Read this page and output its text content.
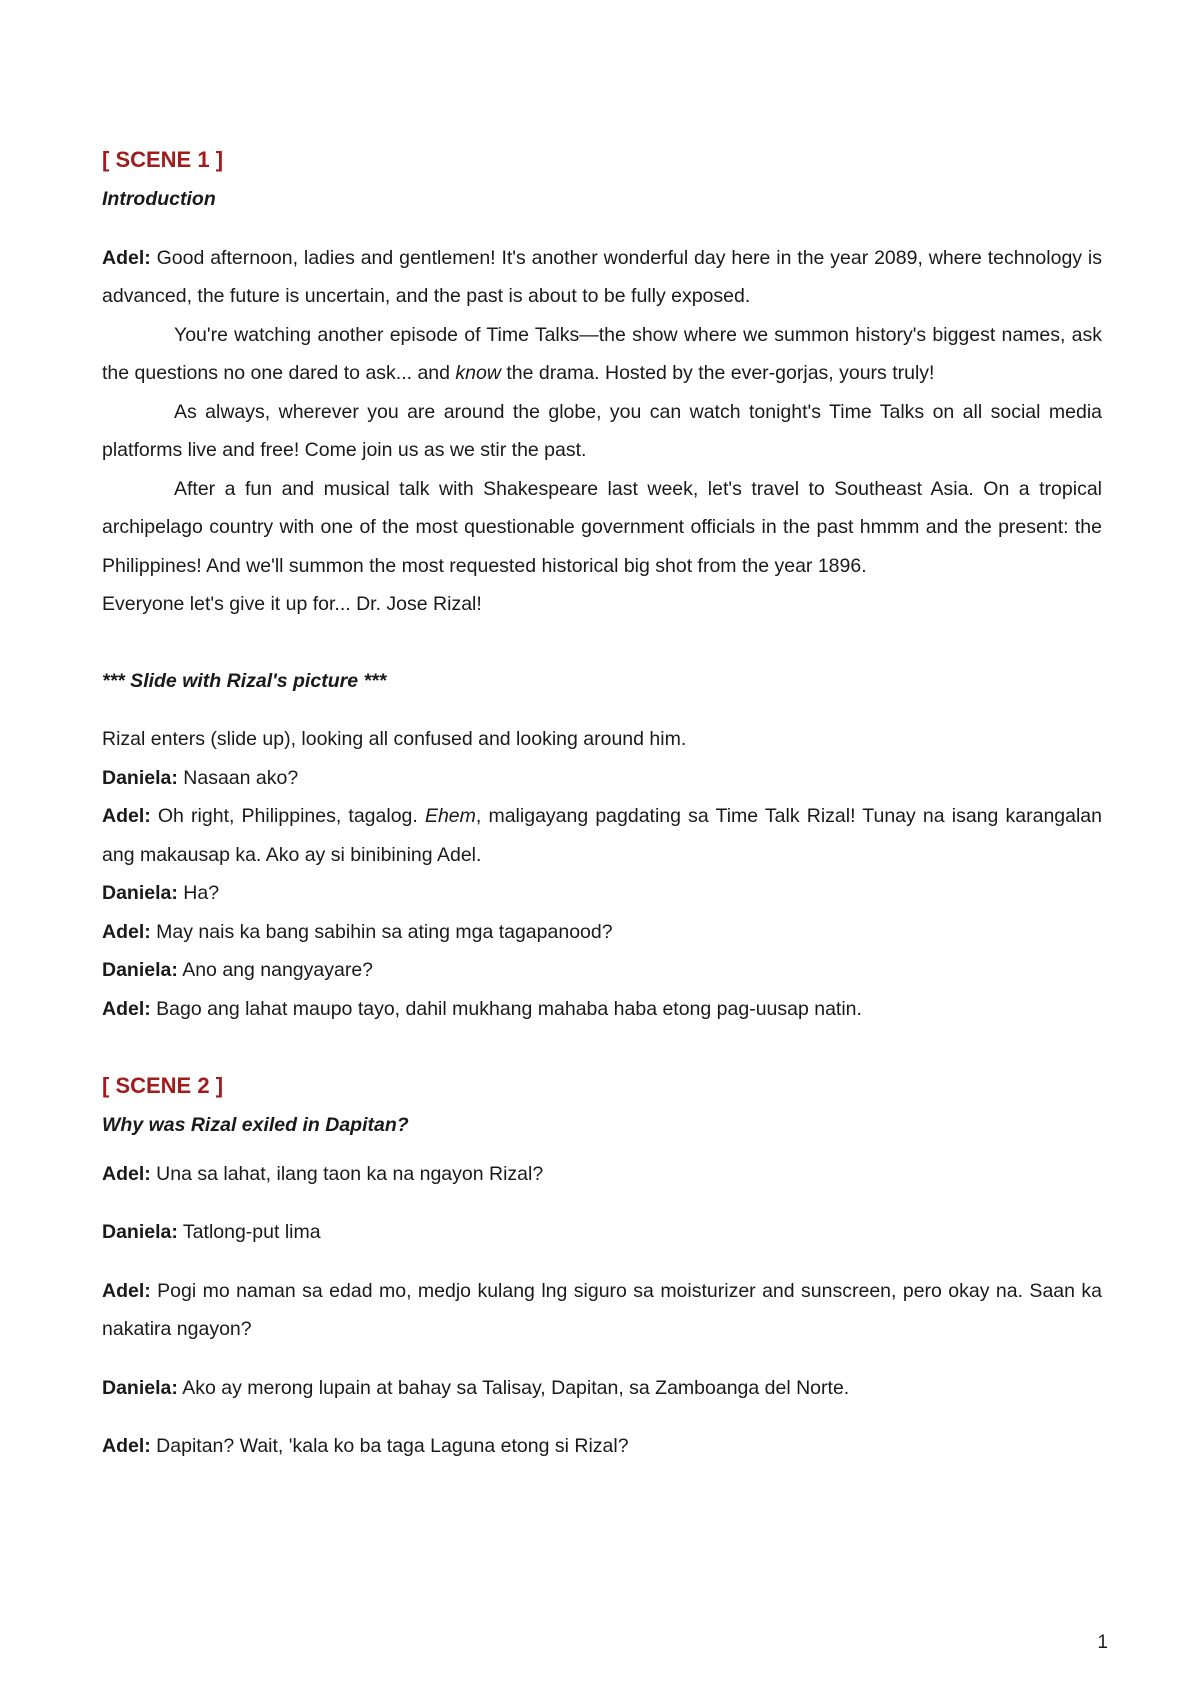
[ SCENE 1 ]

Introduction

Adel: Good afternoon, ladies and gentlemen! It's another wonderful day here in the year 2089, where technology is advanced, the future is uncertain, and the past is about to be fully exposed.

You're watching another episode of Time Talks—the show where we summon history's biggest names, ask the questions no one dared to ask... and know the drama. Hosted by the ever-gorjas, yours truly!

As always, wherever you are around the globe, you can watch tonight's Time Talks on all social media platforms live and free! Come join us as we stir the past.

After a fun and musical talk with Shakespeare last week, let's travel to Southeast Asia. On a tropical archipelago country with one of the most questionable government officials in the past hmmm and the present: the Philippines! And we'll summon the most requested historical big shot from the year 1896.

Everyone let's give it up for... Dr. Jose Rizal!

*** Slide with Rizal's picture ***

Rizal enters (slide up), looking all confused and looking around him.

Daniela: Nasaan ako?

Adel: Oh right, Philippines, tagalog. Ehem, maligayang pagdating sa Time Talk Rizal! Tunay na isang karangalan ang makausap ka. Ako ay si binibining Adel.

Daniela: Ha?

Adel: May nais ka bang sabihin sa ating mga tagapanood?

Daniela: Ano ang nangyayare?

Adel: Bago ang lahat maupo tayo, dahil mukhang mahaba haba etong pag-uusap natin.

[ SCENE 2 ]

Why was Rizal exiled in Dapitan?

Adel: Una sa lahat, ilang taon ka na ngayon Rizal?

Daniela: Tatlong-put lima

Adel: Pogi mo naman sa edad mo, medjo kulang lng siguro sa moisturizer and sunscreen, pero okay na. Saan ka nakatira ngayon?

Daniela: Ako ay merong lupain at bahay sa Talisay, Dapitan, sa Zamboanga del Norte.

Adel: Dapitan? Wait, 'kala ko ba taga Laguna etong si Rizal?

1
